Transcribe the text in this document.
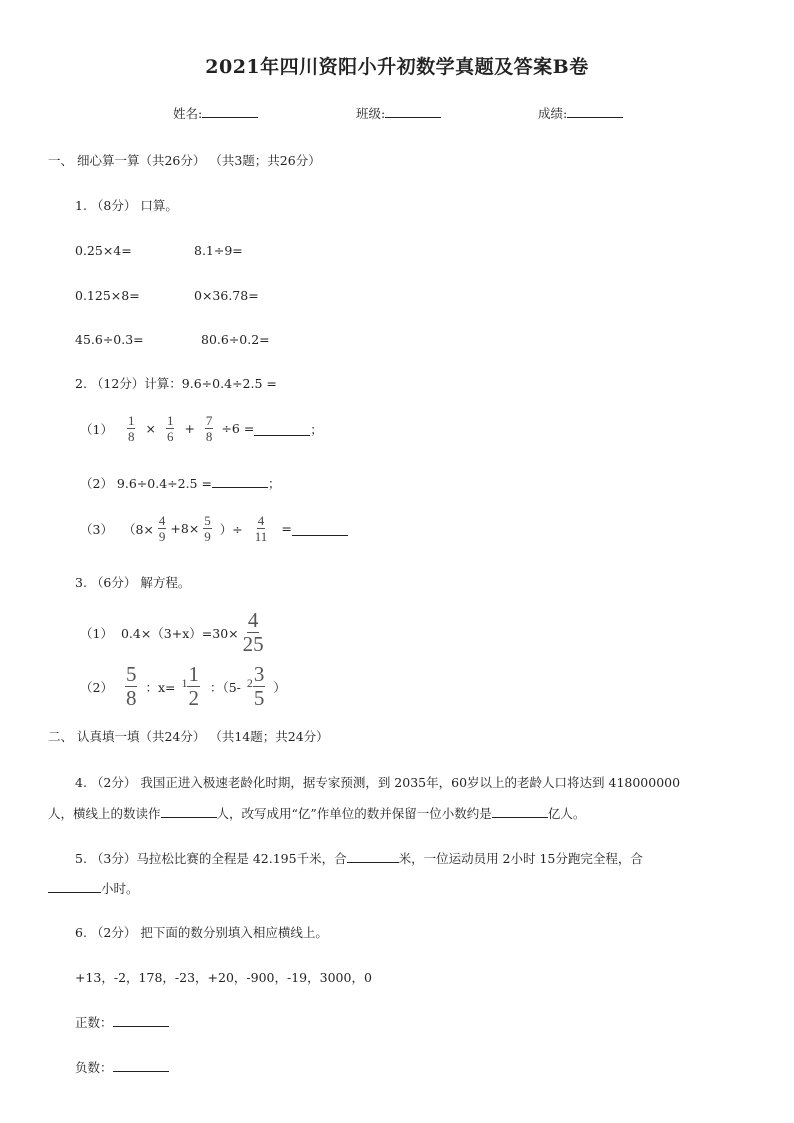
2021年四川资阳小升初数学真题及答案B卷
姓名:	班级:	成绩:
一、 细心算一算（共26分） （共3题；共26分）
1. （8分） 口算。
0.25×4=	8.1÷9=
0.125×8=	0×36.78=
45.6÷0.3=	80.6÷0.2=
2. （12分）计算：9.6÷0.4÷2.5 =
$(1) \frac{1}{8} \times \frac{1}{6} + \frac{7}{8} \div 6$ =	；
（2） 9.6÷0.4÷2.5 =	；
（3） （$8\times \frac{4}{9} +8\times \frac{5}{9}$ ）÷ $\frac{4}{11}$ =
3. （6分） 解方程。
（1） $0.4\times(3+x)=30\times \frac{4}{25}$
$(2) \frac{5}{8}$ ：$x= 1 \frac{1}{2}$ ：（5- $2 \frac{3}{5}$ ）
二、 认真填一填（共24分） （共14题；共24分）
4. （2分） 我国正进入极速老龄化时期，据专家预测，到 2035年，60岁以上的老龄人口将达到 418000000
人，横线上的数读作	人，改写成用“亿”作单位的数并保留一位小数约是	亿人。
5. （3分）马拉松比赛的全程是 42.195千米，合	米，一位运动员用 2小时 15分跑完全程，合
小时。
6. （2分） 把下面的数分别填入相应横线上。
+13，-2，178，-23，+20，-900，-19，3000，0
正数：
负数：
